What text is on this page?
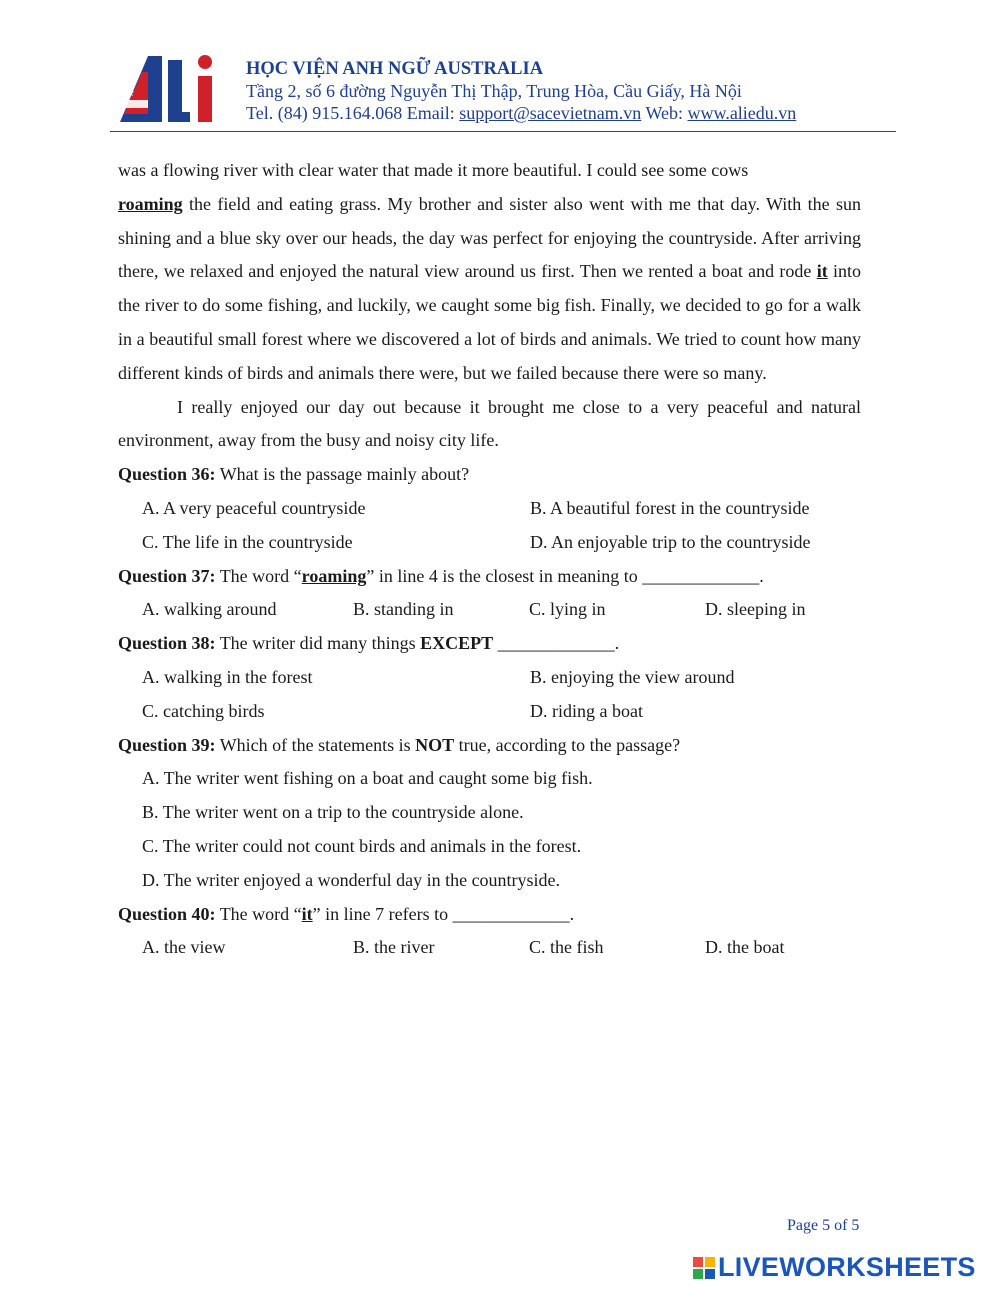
★
HỌC VIỆN ANH NGỮ AUSTRALIA
Tầng 2, số 6 đường Nguyễn Thị Thập, Trung Hòa, Cầu Giấy, Hà Nội
Tel. (84) 915.164.068 Email: support@sacevietnam.vn Web: www.aliedu.vn

was a flowing river with clear water that made it more beautiful. I could see some cows
roaming the field and eating grass. My brother and sister also went with me that day. With the sun shining and a blue sky over our heads, the day was perfect for enjoying the countryside. After arriving there, we relaxed and enjoyed the natural view around us first. Then we rented a boat and rode it into the river to do some fishing, and luckily, we caught some big fish. Finally, we decided to go for a walk in a beautiful small forest where we discovered a lot of birds and animals. We tried to count how many different kinds of birds and animals there were, but we failed because there were so many.

I really enjoyed our day out because it brought me close to a very peaceful and natural environment, away from the busy and noisy city life.

Question 36: What is the passage mainly about?
A. A very peaceful countryside	B. A beautiful forest in the countryside
C. The life in the countryside	D. An enjoyable trip to the countryside
Question 37: The word “roaming” in line 4 is the closest in meaning to _____________.
A. walking around	B. standing in	C. lying in	D. sleeping in
Question 38: The writer did many things EXCEPT _____________.
A. walking in the forest	B. enjoying the view around
C. catching birds	D. riding a boat
Question 39: Which of the statements is NOT true, according to the passage?
A. The writer went fishing on a boat and caught some big fish.
B. The writer went on a trip to the countryside alone.
C. The writer could not count birds and animals in the forest.
D. The writer enjoyed a wonderful day in the countryside.
Question 40: The word “it” in line 7 refers to _____________.
A. the view	B. the river	C. the fish	D. the boat
Page 5 of 5
LIVEWORKSHEETS
